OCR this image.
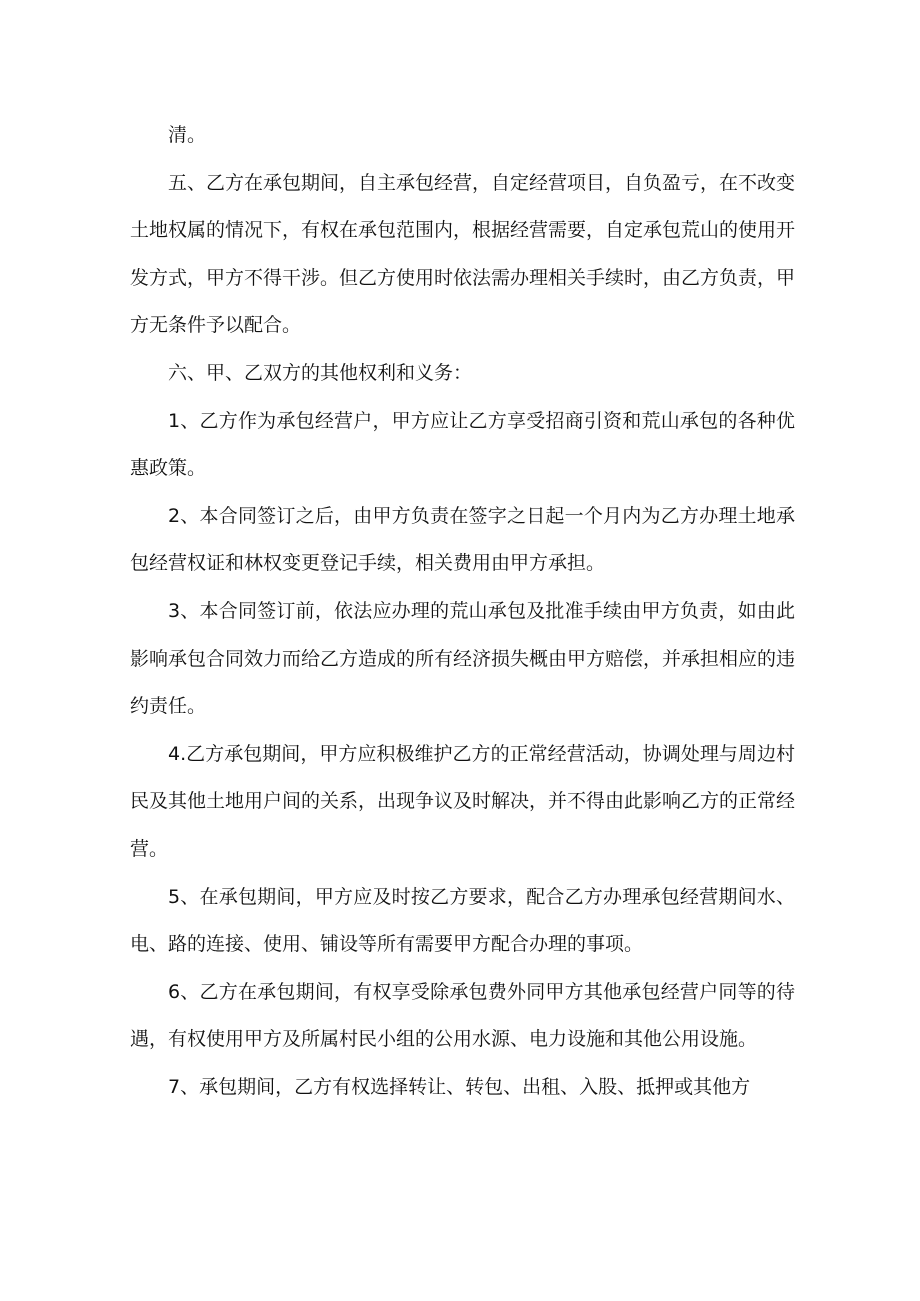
清。

五、乙方在承包期间，自主承包经营，自定经营项目，自负盈亏，在不改变土地权属的情况下，有权在承包范围内，根据经营需要，自定承包荒山的使用开发方式，甲方不得干涉。但乙方使用时依法需办理相关手续时，由乙方负责，甲方无条件予以配合。

六、甲、乙双方的其他权利和义务：

1、乙方作为承包经营户，甲方应让乙方享受招商引资和荒山承包的各种优惠政策。

2、本合同签订之后，由甲方负责在签字之日起一个月内为乙方办理土地承包经营权证和林权变更登记手续，相关费用由甲方承担。

3、本合同签订前，依法应办理的荒山承包及批准手续由甲方负责，如由此影响承包合同效力而给乙方造成的所有经济损失概由甲方赔偿，并承担相应的违约责任。

4.乙方承包期间，甲方应积极维护乙方的正常经营活动，协调处理与周边村民及其他土地用户间的关系，出现争议及时解决，并不得由此影响乙方的正常经营。

5、在承包期间，甲方应及时按乙方要求，配合乙方办理承包经营期间水、电、路的连接、使用、铺设等所有需要甲方配合办理的事项。

6、乙方在承包期间，有权享受除承包费外同甲方其他承包经营户同等的待遇，有权使用甲方及所属村民小组的公用水源、电力设施和其他公用设施。

7、承包期间，乙方有权选择转让、转包、出租、入股、抵押或其他方
